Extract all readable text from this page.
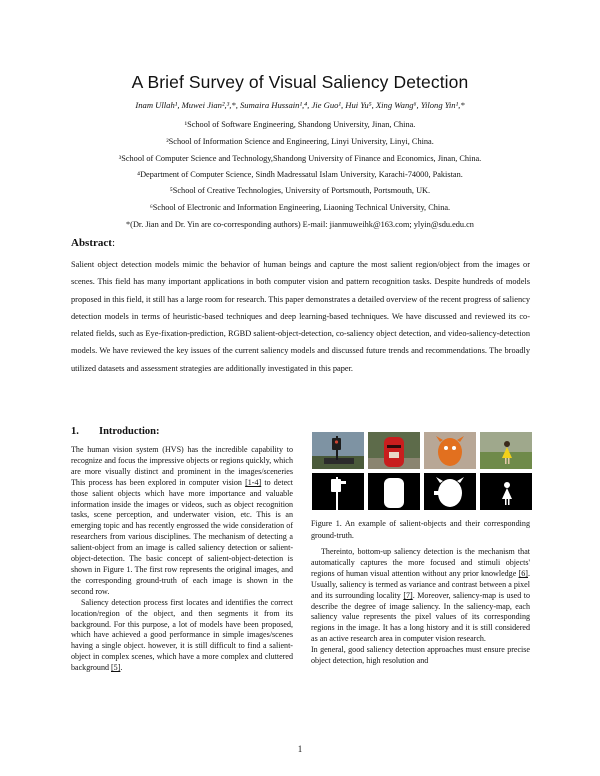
A Brief Survey of Visual Saliency Detection
Inam Ullah¹, Muwei Jian²,³,*, Sumaira Hussain¹,⁴, Jie Guo¹, Hui Yu⁵, Xing Wang⁶, Yilong Yin¹,*
¹School of Software Engineering, Shandong University, Jinan, China.
²School of Information Science and Engineering, Linyi University, Linyi, China.
³School of Computer Science and Technology,Shandong University of Finance and Economics, Jinan, China.
⁴Department of Computer Science, Sindh Madressatul Islam University, Karachi-74000, Pakistan.
⁵School of Creative Technologies, University of Portsmouth, Portsmouth, UK.
⁶School of Electronic and Information Engineering, Liaoning Technical University, China.
*(Dr. Jian and Dr. Yin are co-corresponding authors) E-mail: jianmuweihk@163.com; ylyin@sdu.edu.cn
Abstract:
Salient object detection models mimic the behavior of human beings and capture the most salient region/object from the images or scenes. This field has many important applications in both computer vision and pattern recognition tasks. Despite hundreds of models proposed in this field, it still has a large room for research. This paper demonstrates a detailed overview of the recent progress of saliency detection models in terms of heuristic-based techniques and deep learning-based techniques. We have discussed and reviewed its co-related fields, such as Eye-fixation-prediction, RGBD salient-object-detection, co-saliency object detection, and video-saliency-detection models. We have reviewed the key issues of the current saliency models and discussed future trends and recommendations. The broadly utilized datasets and assessment strategies are additionally investigated in this paper.
1. Introduction:

The human vision system (HVS) has the incredible capability to recognize and focus the impressive objects or regions quickly, which are more visually distinct and prominent in the images/sceneries This process has been explored in computer vision [1-4] to detect those salient objects which have more importance and valuable information inside the images or videos, such as object recognition tasks, scene perception, and underwater vision, etc. This is an emerging topic and has recently engrossed the wide consideration of researchers from various disciplines. The mechanism of detecting a salient-object from an image is called saliency detection or salient-object-detection. The basic concept of salient-object-detection is shown in Figure 1. The first row represents the original images, and the corresponding ground-truth of each image is shown in the second row.

Saliency detection process first locates and identifies the correct location/region of the object, and then segments it from its background. For this purpose, a lot of models have been proposed, which have achieved a good performance in simple images/scenes having a single object. however, it is still difficult to find a salient-object in complex scenes, which have a more complex and cluttered background [5].

Figure 1. An example of salient-objects and their corresponding ground-truth.

Thereinto, bottom-up saliency detection is the mechanism that automatically captures the more focused and stimuli objects' regions of human visual attention without any prior knowledge [6]. Usually, saliency is termed as variance and contrast between a pixel and its surrounding locality [7]. Moreover, saliency-map is used to describe the degree of image saliency. In the saliency-map, each saliency value represents the pixel values of its corresponding regions in the image. It has a long history and it is still considered as an active research area in computer vision research.

In general, good saliency detection approaches must ensure precise object detection, high resolution and

1
